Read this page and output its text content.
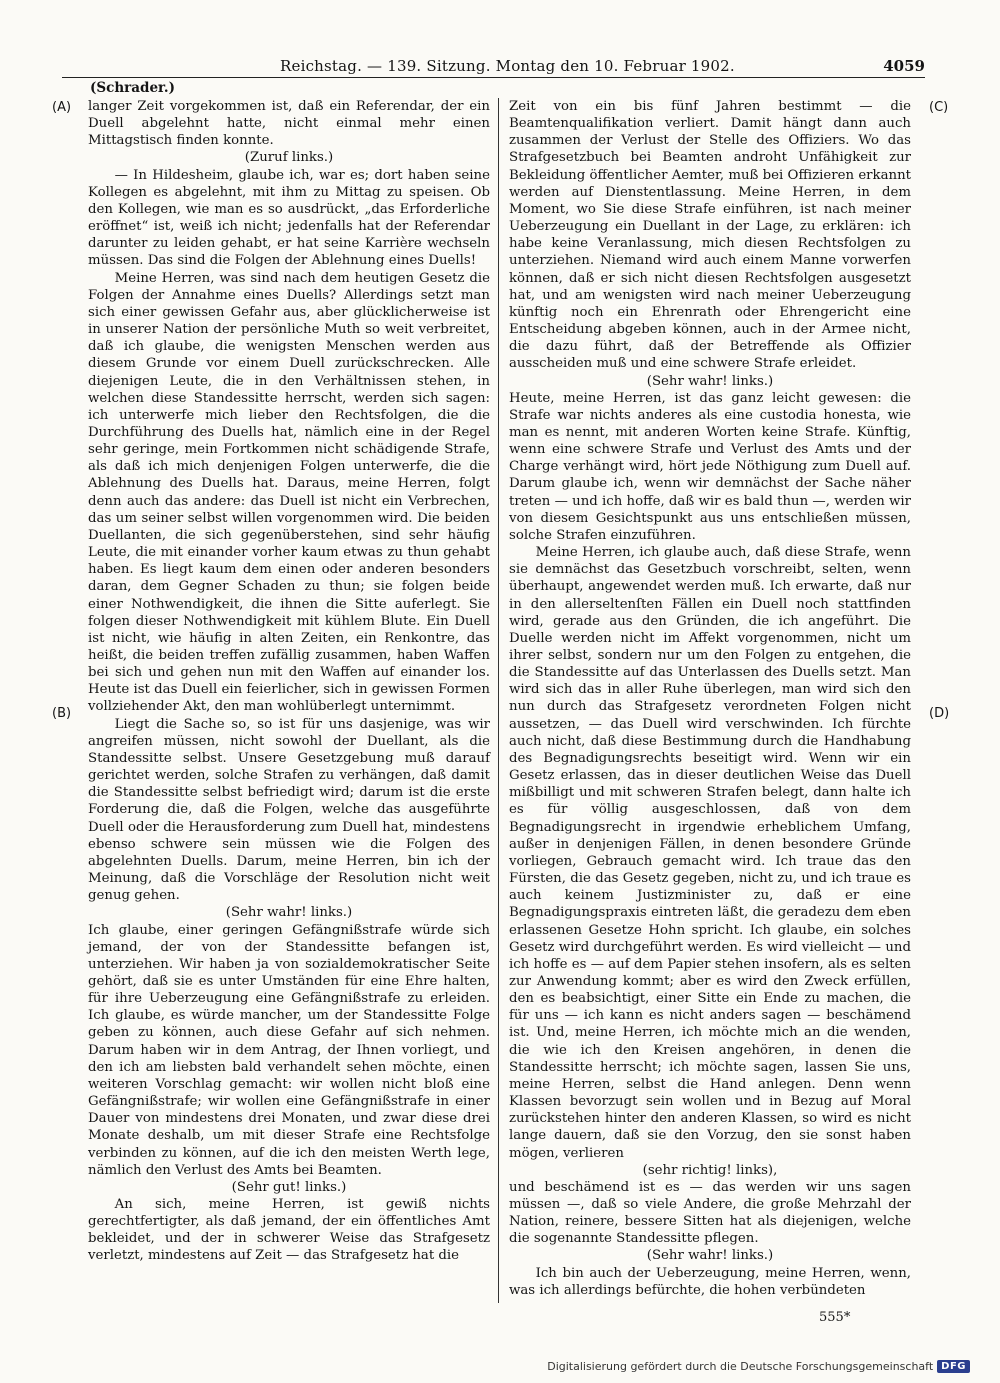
Reichstag. — 139. Sitzung. Montag den 10. Februar 1902.	4059
(Schrader.)
(A)
(B)
(C)
(D)

langer Zeit vorgekommen ist, daß ein Referendar, der ein Duell abgelehnt hatte, nicht einmal mehr einen Mittagstisch finden konnte.

(Zuruf links.)

— In Hildesheim, glaube ich, war es; dort haben seine Kollegen es abgelehnt, mit ihm zu Mittag zu speisen. Ob den Kollegen, wie man es so ausdrückt, „das Erforderliche eröffnet“ ist, weiß ich nicht; jedenfalls hat der Referendar darunter zu leiden gehabt, er hat seine Karrière wechseln müssen. Das sind die Folgen der Ablehnung eines Duells!

Meine Herren, was sind nach dem heutigen Gesetz die Folgen der Annahme eines Duells? Allerdings setzt man sich einer gewissen Gefahr aus, aber glücklicherweise ist in unserer Nation der persönliche Muth so weit verbreitet, daß ich glaube, die wenigsten Menschen werden aus diesem Grunde vor einem Duell zurückschrecken. Alle diejenigen Leute, die in den Verhältnissen stehen, in welchen diese Standessitte herrscht, werden sich sagen: ich unterwerfe mich lieber den Rechtsfolgen, die die Durchführung des Duells hat, nämlich eine in der Regel sehr geringe, mein Fortkommen nicht schädigende Strafe, als daß ich mich denjenigen Folgen unterwerfe, die die Ablehnung des Duells hat. Daraus, meine Herren, folgt denn auch das andere: das Duell ist nicht ein Verbrechen, das um seiner selbst willen vorgenommen wird. Die beiden Duellanten, die sich gegenüberstehen, sind sehr häufig Leute, die mit einander vorher kaum etwas zu thun gehabt haben. Es liegt kaum dem einen oder anderen besonders daran, dem Gegner Schaden zu thun; sie folgen beide einer Nothwendigkeit, die ihnen die Sitte auferlegt. Sie folgen dieser Nothwendigkeit mit kühlem Blute. Ein Duell ist nicht, wie häufig in alten Zeiten, ein Renkontre, das heißt, die beiden treffen zufällig zusammen, haben Waffen bei sich und gehen nun mit den Waffen auf einander los. Heute ist das Duell ein feierlicher, sich in gewissen Formen vollziehender Akt, den man wohlüberlegt unternimmt.

Liegt die Sache so, so ist für uns dasjenige, was wir angreifen müssen, nicht sowohl der Duellant, als die Standessitte selbst. Unsere Gesetzgebung muß darauf gerichtet werden, solche Strafen zu verhängen, daß damit die Standessitte selbst befriedigt wird; darum ist die erste Forderung die, daß die Folgen, welche das ausgeführte Duell oder die Herausforderung zum Duell hat, mindestens ebenso schwere sein müssen wie die Folgen des abgelehnten Duells. Darum, meine Herren, bin ich der Meinung, daß die Vorschläge der Resolution nicht weit genug gehen.

(Sehr wahr! links.)

Ich glaube, einer geringen Gefängnißstrafe würde sich jemand, der von der Standessitte befangen ist, unterziehen. Wir haben ja von sozialdemokratischer Seite gehört, daß sie es unter Umständen für eine Ehre halten, für ihre Ueberzeugung eine Gefängnißstrafe zu erleiden. Ich glaube, es würde mancher, um der Standessitte Folge geben zu können, auch diese Gefahr auf sich nehmen. Darum haben wir in dem Antrag, der Ihnen vorliegt, und den ich am liebsten bald verhandelt sehen möchte, einen weiteren Vorschlag gemacht: wir wollen nicht bloß eine Gefängnißstrafe; wir wollen eine Gefängnißstrafe in einer Dauer von mindestens drei Monaten, und zwar diese drei Monate deshalb, um mit dieser Strafe eine Rechtsfolge verbinden zu können, auf die ich den meisten Werth lege, nämlich den Verlust des Amts bei Beamten.

(Sehr gut! links.)

An sich, meine Herren, ist gewiß nichts gerechtfertigter, als daß jemand, der ein öffentliches Amt bekleidet, und der in schwerer Weise das Strafgesetz verletzt, mindestens auf Zeit — das Strafgesetz hat die

Zeit von ein bis fünf Jahren bestimmt — die Beamtenqualifikation verliert. Damit hängt dann auch zusammen der Verlust der Stelle des Offiziers. Wo das Strafgesetzbuch bei Beamten androht Unfähigkeit zur Bekleidung öffentlicher Aemter, muß bei Offizieren erkannt werden auf Dienstentlassung. Meine Herren, in dem Moment, wo Sie diese Strafe einführen, ist nach meiner Ueberzeugung ein Duellant in der Lage, zu erklären: ich habe keine Veranlassung, mich diesen Rechtsfolgen zu unterziehen. Niemand wird auch einem Manne vorwerfen können, daß er sich nicht diesen Rechtsfolgen ausgesetzt hat, und am wenigsten wird nach meiner Ueberzeugung künftig noch ein Ehrenrath oder Ehrengericht eine Entscheidung abgeben können, auch in der Armee nicht, die dazu führt, daß der Betreffende als Offizier ausscheiden muß und eine schwere Strafe erleidet.

(Sehr wahr! links.)

Heute, meine Herren, ist das ganz leicht gewesen: die Strafe war nichts anderes als eine custodia honesta, wie man es nennt, mit anderen Worten keine Strafe. Künftig, wenn eine schwere Strafe und Verlust des Amts und der Charge verhängt wird, hört jede Nöthigung zum Duell auf. Darum glaube ich, wenn wir demnächst der Sache näher treten — und ich hoffe, daß wir es bald thun —, werden wir von diesem Gesichtspunkt aus uns entschließen müssen, solche Strafen einzuführen.

Meine Herren, ich glaube auch, daß diese Strafe, wenn sie demnächst das Gesetzbuch vorschreibt, selten, wenn überhaupt, angewendet werden muß. Ich erwarte, daß nur in den allerseltenſten Fällen ein Duell noch stattfinden wird, gerade aus den Gründen, die ich angeführt. Die Duelle werden nicht im Affekt vorgenommen, nicht um ihrer selbst, sondern nur um den Folgen zu entgehen, die die Standessitte auf das Unterlassen des Duells setzt. Man wird sich das in aller Ruhe überlegen, man wird sich den nun durch das Strafgesetz verordneten Folgen nicht aussetzen, — das Duell wird verschwinden. Ich fürchte auch nicht, daß diese Bestimmung durch die Handhabung des Begnadigungsrechts beseitigt wird. Wenn wir ein Gesetz erlassen, das in dieser deutlichen Weise das Duell mißbilligt und mit schweren Strafen belegt, dann halte ich es für völlig ausgeschlossen, daß von dem Begnadigungsrecht in irgendwie erheblichem Umfang, außer in denjenigen Fällen, in denen besondere Gründe vorliegen, Gebrauch gemacht wird. Ich traue das den Fürsten, die das Gesetz gegeben, nicht zu, und ich traue es auch keinem Justizminister zu, daß er eine Begnadigungspraxis eintreten läßt, die geradezu dem eben erlassenen Gesetze Hohn spricht. Ich glaube, ein solches Gesetz wird durchgeführt werden. Es wird vielleicht — und ich hoffe es — auf dem Papier stehen insofern, als es selten zur Anwendung kommt; aber es wird den Zweck erfüllen, den es beabsichtigt, einer Sitte ein Ende zu machen, die für uns — ich kann es nicht anders sagen — beschämend ist. Und, meine Herren, ich möchte mich an die wenden, die wie ich den Kreisen angehören, in denen die Standessitte herrscht; ich möchte sagen, lassen Sie uns, meine Herren, selbst die Hand anlegen. Denn wenn Klassen bevorzugt sein wollen und in Bezug auf Moral zurückstehen hinter den anderen Klassen, so wird es nicht lange dauern, daß sie den Vorzug, den sie sonst haben mögen, verlieren

(sehr richtig! links),

und beschämend ist es — das werden wir uns sagen müssen —, daß so viele Andere, die große Mehrzahl der Nation, reinere, bessere Sitten hat als diejenigen, welche die sogenannte Standessitte pflegen.

(Sehr wahr! links.)

Ich bin auch der Ueberzeugung, meine Herren, wenn, was ich allerdings befürchte, die hohen verbündeten

555*
Digitalisierung gefördert durch die Deutsche Forschungsgemeinschaft DFG
